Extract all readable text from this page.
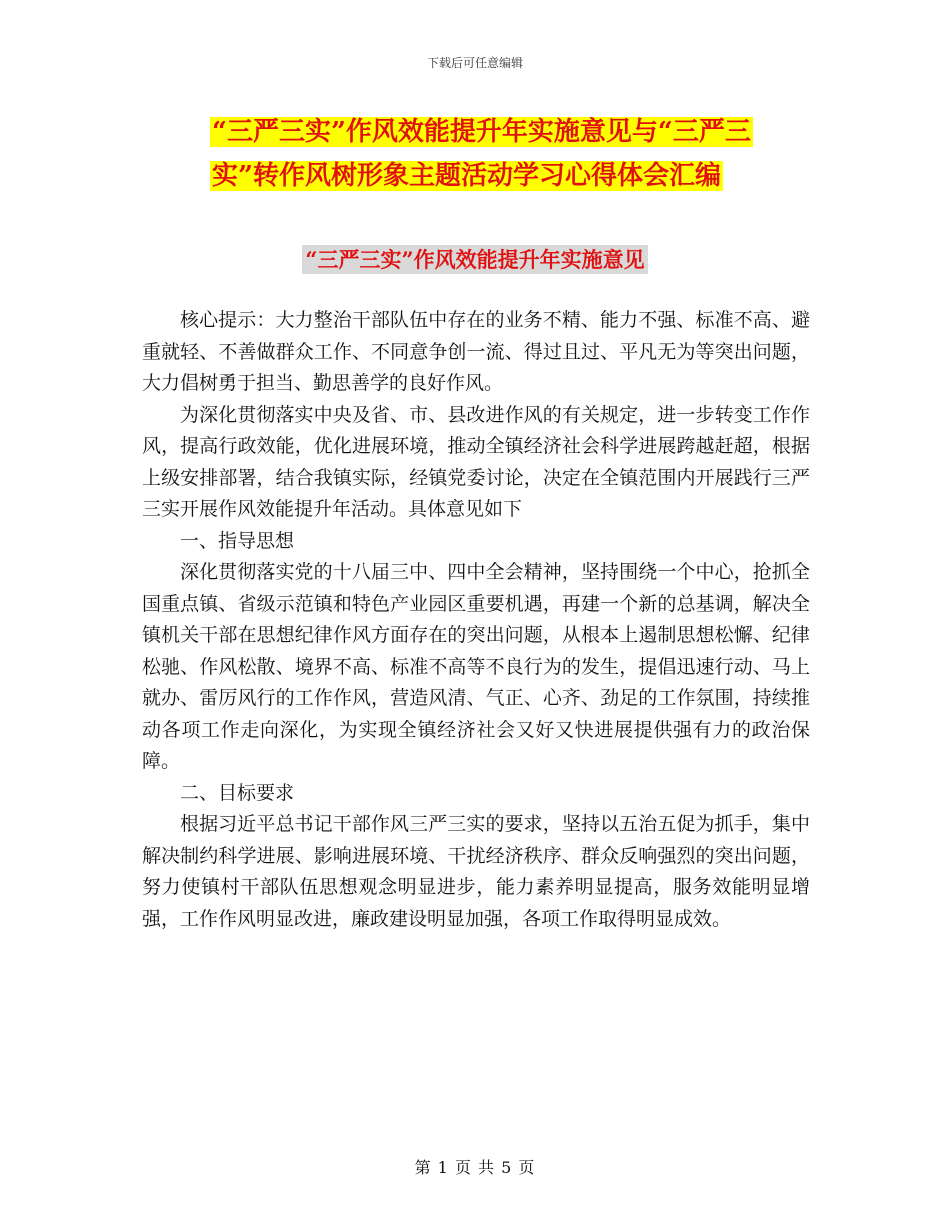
下载后可任意编辑
“三严三实”作风效能提升年实施意见与“三严三
实”转作风树形象主题活动学习心得体会汇编
“三严三实”作风效能提升年实施意见

核心提示：大力整治干部队伍中存在的业务不精、能力不强、标准不高、避重就轻、不善做群众工作、不同意争创一流、得过且过、平凡无为等突出问题，大力倡树勇于担当、勤思善学的良好作风。

为深化贯彻落实中央及省、市、县改进作风的有关规定，进一步转变工作作风，提高行政效能，优化进展环境，推动全镇经济社会科学进展跨越赶超，根据上级安排部署，结合我镇实际，经镇党委讨论，决定在全镇范围内开展践行三严三实开展作风效能提升年活动。具体意见如下

一、指导思想

深化贯彻落实党的十八届三中、四中全会精神，坚持围绕一个中心，抢抓全国重点镇、省级示范镇和特色产业园区重要机遇，再建一个新的总基调，解决全镇机关干部在思想纪律作风方面存在的突出问题，从根本上遏制思想松懈、纪律松驰、作风松散、境界不高、标准不高等不良行为的发生，提倡迅速行动、马上就办、雷厉风行的工作作风，营造风清、气正、心齐、劲足的工作氛围，持续推动各项工作走向深化，为实现全镇经济社会又好又快进展提供强有力的政治保障。

二、目标要求

根据习近平总书记干部作风三严三实的要求，坚持以五治五促为抓手，集中解决制约科学进展、影响进展环境、干扰经济秩序、群众反响强烈的突出问题，努力使镇村干部队伍思想观念明显进步，能力素养明显提高，服务效能明显增强，工作作风明显改进，廉政建设明显加强，各项工作取得明显成效。

第 1 页 共 5 页
